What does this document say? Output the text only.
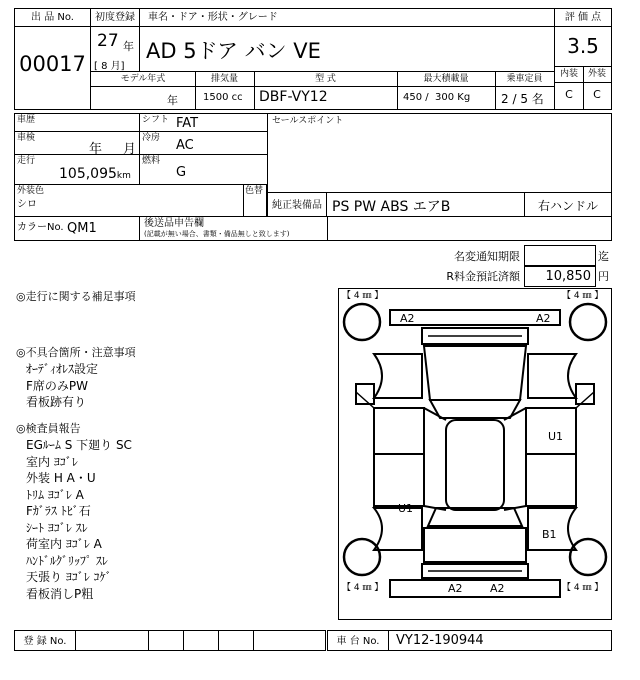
出 品 No.
00017
初度登録
27 年
[ 8 月]
車名・ドア・形状・グレード
AD 5ドア バン VE
評 価 点
3.5
内装	外装
C	C
モデル年式	排気量	型 式	最大積載量	乗車定員
年	1500 cc DBF-VY12	450 /  300 Kg	2 / 5 名
車歴
車検
年 月
走行
105,095km
シフト FAT
冷房 AC
燃料
G
セールスポイント
外装色
シロ
色替
純正装備品 PS PW ABS エアB	右ハンドル
カラーNo. QM1	後送品申告欄
(記載が無い場合、書類・備品無しと致します)
名変通知期限	迄
R料金預託済額	10,850 円
◎走行に関する補足事項
◎不具合箇所・注意事項
ｵｰﾃﾞｨｵﾚｽ設定
F席のみPW
看板跡有り
◎検査員報告
EGﾙｰﾑ S 下廻り SC
室内 ﾖｺﾞﾚ
外装 H A・U
ﾄﾘﾑ ﾖｺﾞﾚ A
Fｶﾞﾗｽ ﾄﾋﾞ石
ｼｰﾄ ﾖｺﾞﾚ ｽﾚ
荷室内 ﾖｺﾞﾚ A
ﾊﾝﾄﾞﾙｸﾞﾘｯﾌﾟ ｽﾚ
天張り ﾖｺﾞﾚ ｺｹﾞ
看板消しP粗
【 4 ㎜ 】	【 4 ㎜ 】
【 4 ㎜ 】	【 4 ㎜ 】
A2	A2
U1
U1
B1
A2 A2
登 録 No.	車 台 No.	VY12-190944
